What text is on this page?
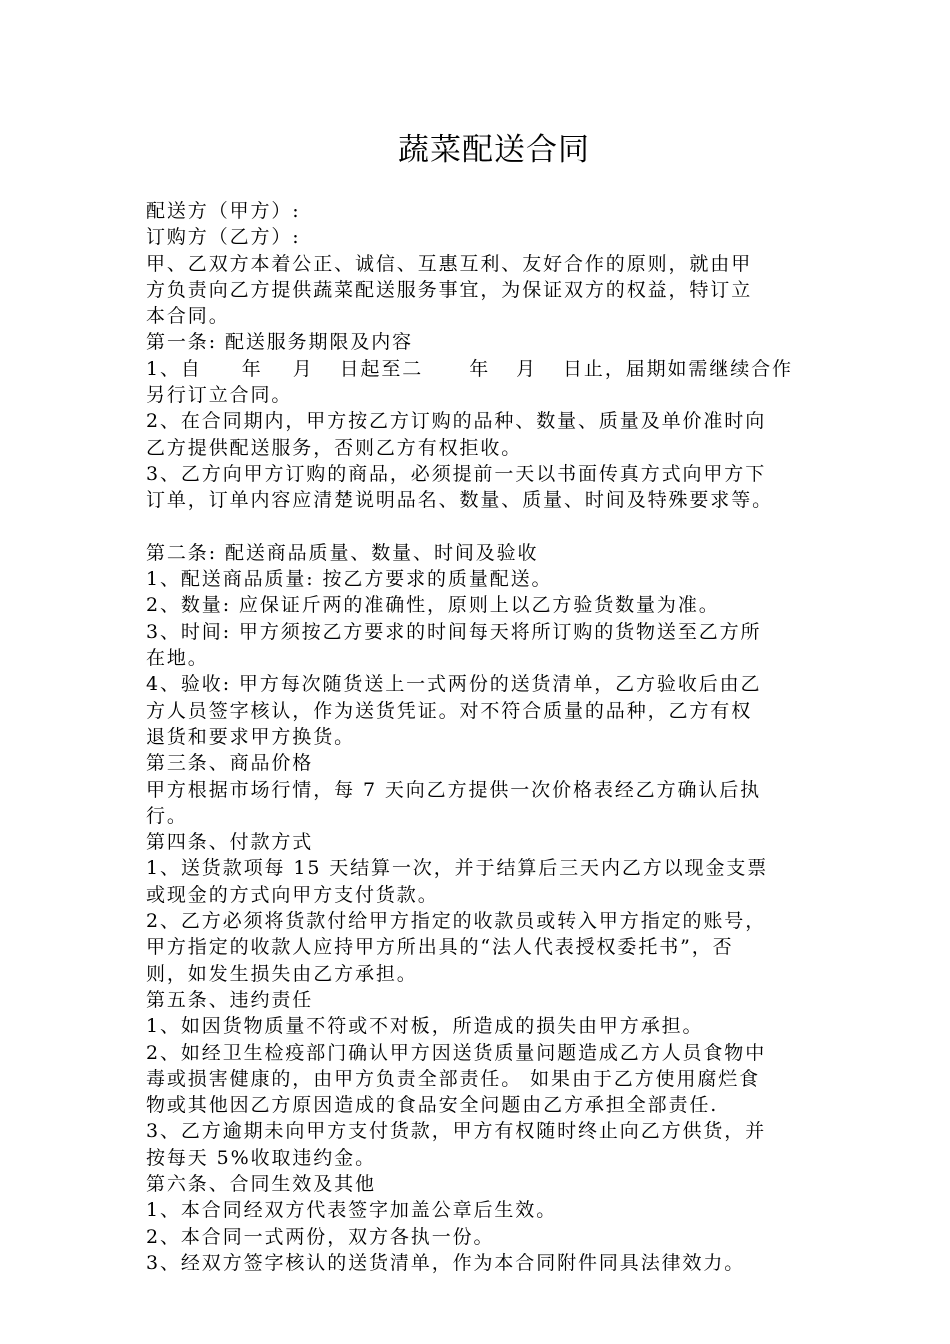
蔬菜配送合同
配送方（甲方）:
订购方（乙方）:
甲、乙双方本着公正、诚信、互惠互利、友好合作的原则，就由甲
方负责向乙方提供蔬菜配送服务事宜，为保证双方的权益，特订立
本合同。
第一条: 配送服务期限及内容
1、自 年 月 日起至二 年 月 日止，届期如需继续合作
另行订立合同。
2、在合同期内，甲方按乙方订购的品种、数量、质量及单价准时向
乙方提供配送服务，否则乙方有权拒收。
3、乙方向甲方订购的商品，必须提前一天以书面传真方式向甲方下
订单，订单内容应清楚说明品名、数量、质量、时间及特殊要求等。
第二条: 配送商品质量、数量、时间及验收
1、配送商品质量: 按乙方要求的质量配送。
2、数量: 应保证斤两的准确性，原则上以乙方验货数量为准。
3、时间: 甲方须按乙方要求的时间每天将所订购的货物送至乙方所
在地。
4、验收: 甲方每次随货送上一式两份的送货清单，乙方验收后由乙
方人员签字核认，作为送货凭证。对不符合质量的品种，乙方有权
退货和要求甲方换货。
第三条、商品价格
甲方根据市场行情，每 7 天向乙方提供一次价格表经乙方确认后执
行。
第四条、付款方式
1、送货款项每 15 天结算一次，并于结算后三天内乙方以现金支票
或现金的方式向甲方支付货款。
2、乙方必须将货款付给甲方指定的收款员或转入甲方指定的账号，
甲方指定的收款人应持甲方所出具的“法人代表授权委托书”，否
则，如发生损失由乙方承担。
第五条、违约责任
1、如因货物质量不符或不对板，所造成的损失由甲方承担。
2、如经卫生检疫部门确认甲方因送货质量问题造成乙方人员食物中
毒或损害健康的，由甲方负责全部责任。 如果由于乙方使用腐烂食
物或其他因乙方原因造成的食品安全问题由乙方承担全部责任.
3、乙方逾期未向甲方支付货款，甲方有权随时终止向乙方供货，并
按每天 5%收取违约金。
第六条、合同生效及其他
1、本合同经双方代表签字加盖公章后生效。
2、本合同一式两份，双方各执一份。
3、经双方签字核认的送货清单，作为本合同附件同具法律效力。
